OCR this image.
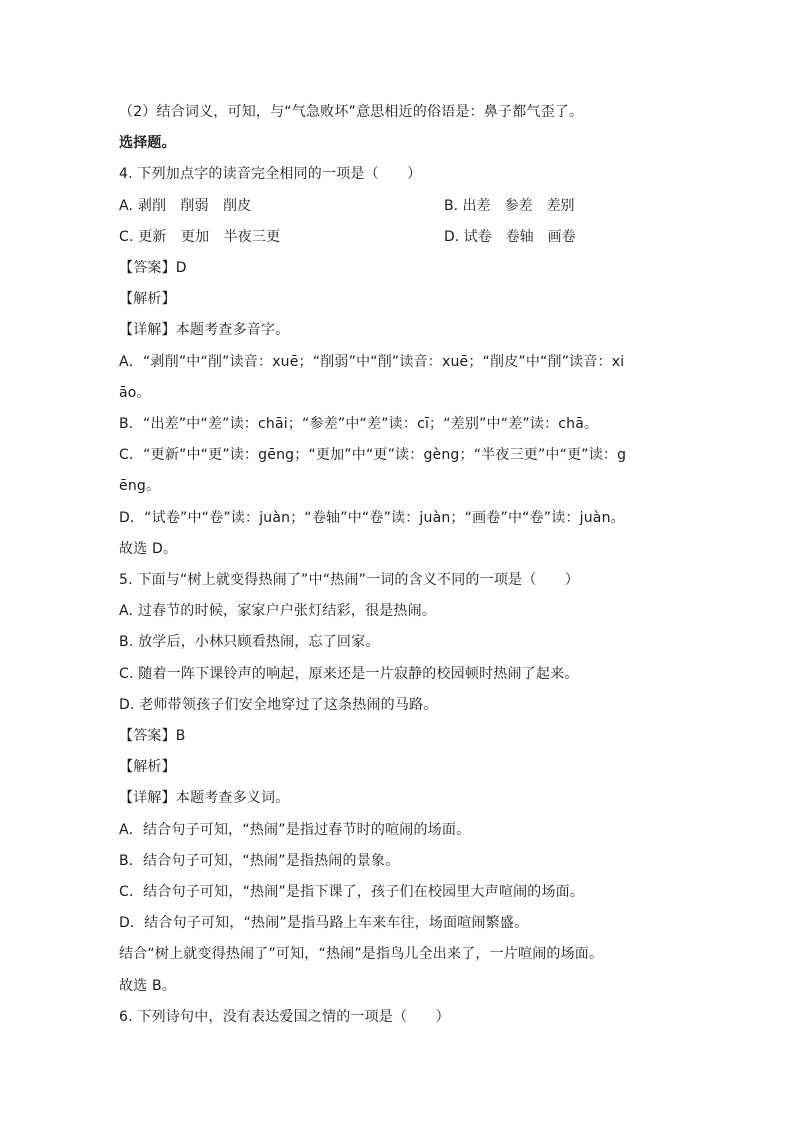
（2）结合词义，可知，与“气急败坏”意思相近的俗语是：鼻子都气歪了。
选择题。
4. 下列加点字的读音完全相同的一项是（　　）
A. 剥削　削弱　削皮	B. 出差　参差　差别
C. 更新　更加　半夜三更	D. 试卷　卷轴　画卷
【答案】D
【解析】
【详解】本题考查多音字。
A．“剥削”中“削”读音：xuē；“削弱”中“削”读音：xuē；“削皮”中“削”读音：xi
āo。
B．“出差”中“差”读：chāi；“参差”中“差”读：cī；“差别”中“差”读：chā。
C．“更新”中“更”读：gēng；“更加”中“更”读：gèng；“半夜三更”中“更”读：g
ēng。
D．“试卷”中“卷”读：juàn；“卷轴”中“卷”读：juàn；“画卷”中“卷”读：juàn。
故选 D。
5. 下面与“树上就变得热闹了”中“热闹”一词的含义不同的一项是（　　）
A. 过春节的时候，家家户户张灯结彩，很是热闹。
B. 放学后，小林只顾看热闹，忘了回家。
C. 随着一阵下课铃声的响起，原来还是一片寂静的校园顿时热闹了起来。
D. 老师带领孩子们安全地穿过了这条热闹的马路。
【答案】B
【解析】
【详解】本题考查多义词。
A．结合句子可知，“热闹”是指过春节时的喧闹的场面。
B．结合句子可知，“热闹”是指热闹的景象。
C．结合句子可知，“热闹”是指下课了，孩子们在校园里大声喧闹的场面。
D．结合句子可知，“热闹”是指马路上车来车往，场面喧闹繁盛。
结合“树上就变得热闹了”可知，“热闹”是指鸟儿全出来了，一片喧闹的场面。
故选 B。
6. 下列诗句中，没有表达爱国之情的一项是（　　）
